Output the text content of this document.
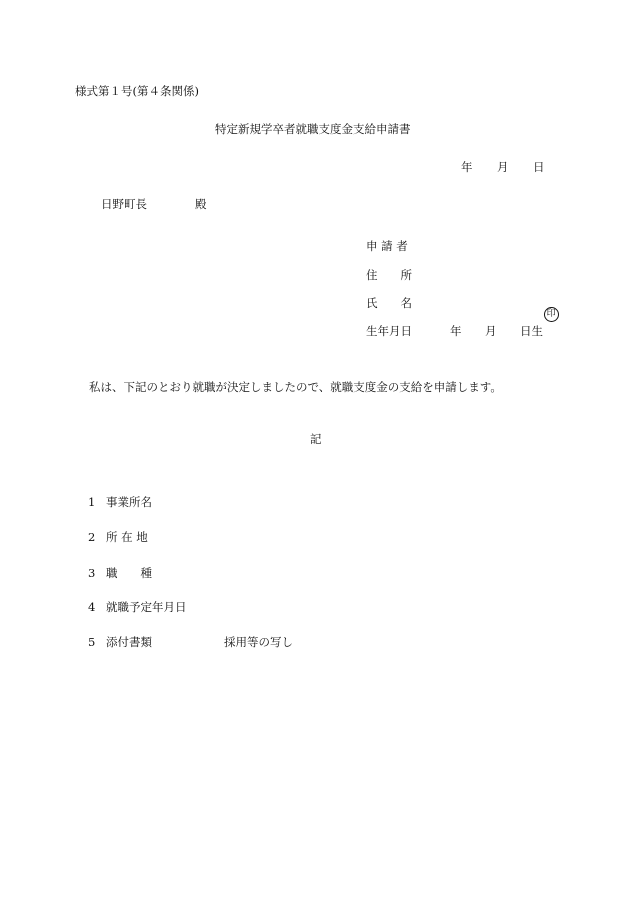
様式第１号(第４条関係)
特定新規学卒者就職支度金支給申請書
年 月 日
日野町長	殿
申 請 者
住　　所
氏　　名

印

生年月日	年 月 日生
私は、下記のとおり就職が決定しましたので、就職支度金の支給を申請します。
記
1 事業所名
2 所 在 地
3 職　　種
4 就職予定年月日
5 添付書類	採用等の写し
